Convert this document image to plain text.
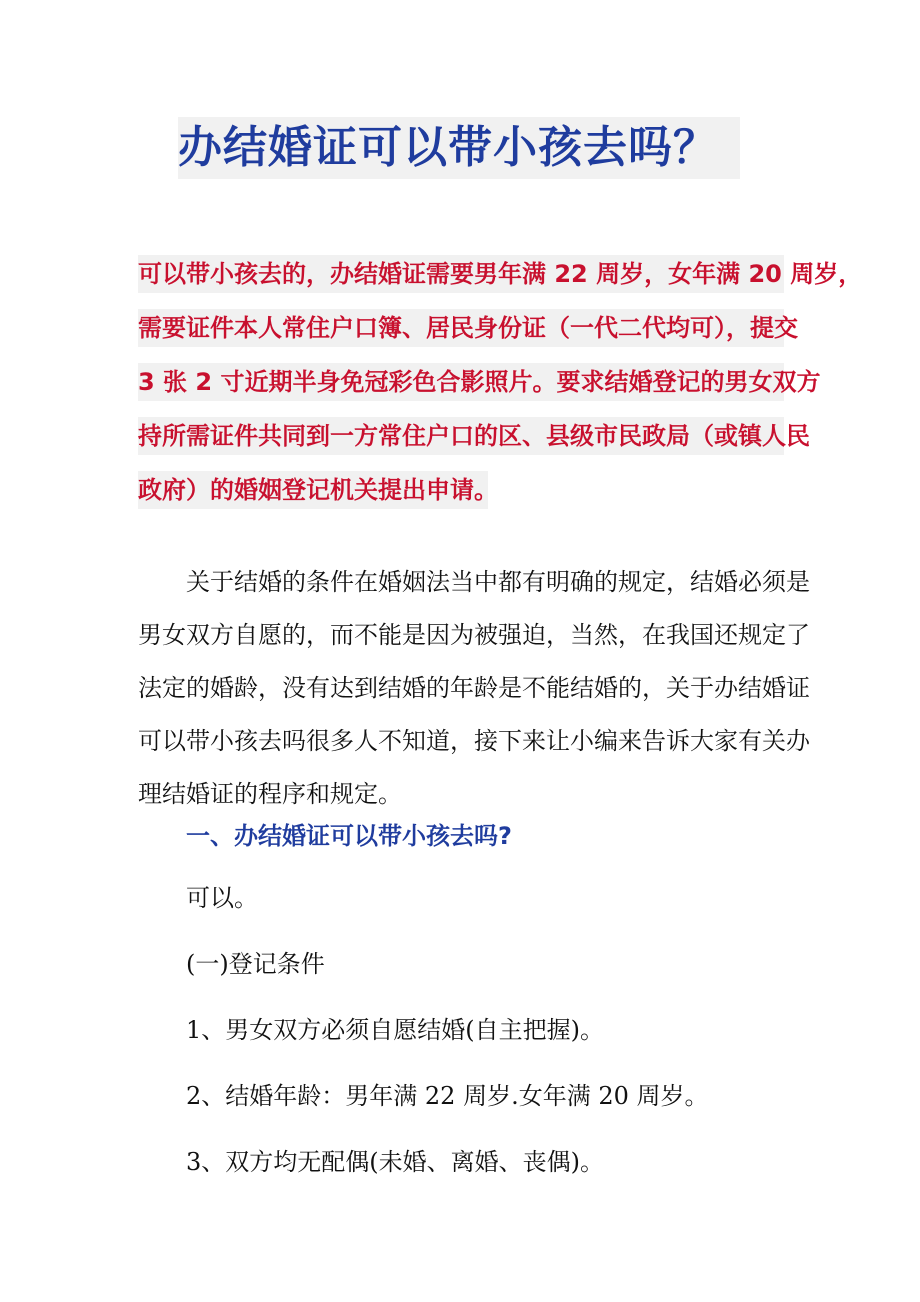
办结婚证可以带小孩去吗？
可以带小孩去的，办结婚证需要男年满 22 周岁，女年满 20 周岁，
需要证件本人常住户口簿、居民身份证（一代二代均可），提交
3 张 2 寸近期半身免冠彩色合影照片。要求结婚登记的男女双方
持所需证件共同到一方常住户口的区、县级市民政局（或镇人民
政府）的婚姻登记机关提出申请。
关于结婚的条件在婚姻法当中都有明确的规定，结婚必须是
男女双方自愿的，而不能是因为被强迫，当然，在我国还规定了
法定的婚龄，没有达到结婚的年龄是不能结婚的，关于办结婚证
可以带小孩去吗很多人不知道，接下来让小编来告诉大家有关办
理结婚证的程序和规定。
一、办结婚证可以带小孩去吗?
可以。
(一)登记条件
1、男女双方必须自愿结婚(自主把握)。
2、结婚年龄：男年满 22 周岁.女年满 20 周岁。
3、双方均无配偶(未婚、离婚、丧偶)。
